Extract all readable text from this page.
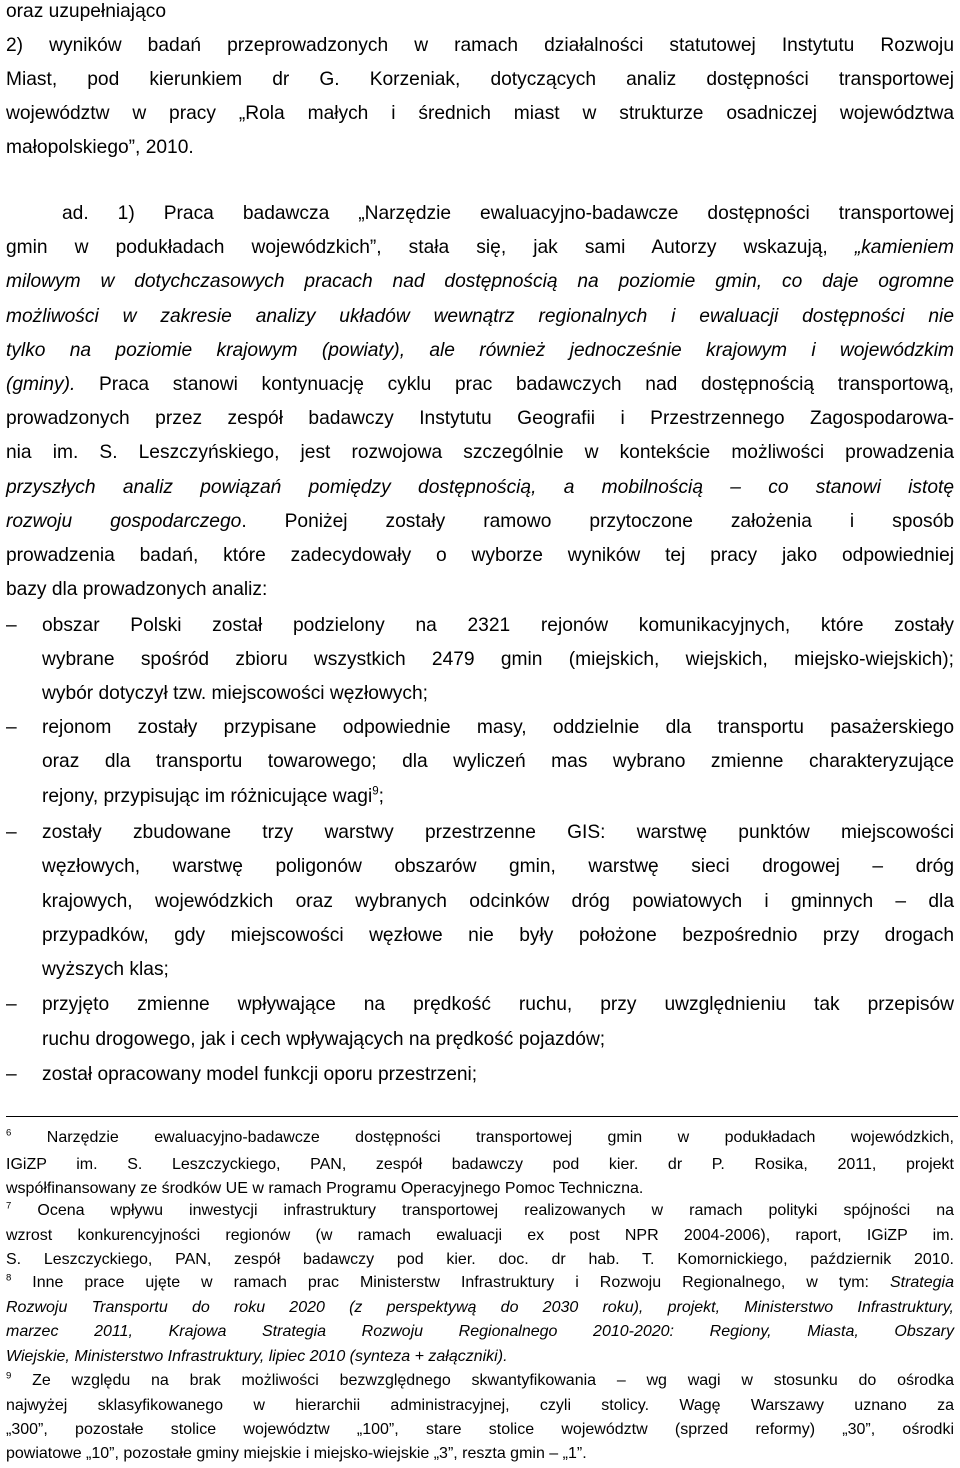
oraz uzupełniająco
2) wyników badań przeprowadzonych w ramach działalności statutowej Instytutu Rozwoju
Miast, pod kierunkiem dr G. Korzeniak, dotyczących analiz dostępności transportowej
województw w pracy „Rola małych i średnich miast w strukturze osadniczej województwa
małopolskiego”, 2010.
ad. 1) Praca badawcza „Narzędzie ewaluacyjno-badawcze dostępności transportowej
gmin w podukładach wojewódzkich”, stała się, jak sami Autorzy wskazują, „kamieniem
milowym w dotychczasowych pracach nad dostępnością na poziomie gmin, co daje ogromne
możliwości w zakresie analizy układów wewnątrz regionalnych i ewaluacji dostępności nie
tylko na poziomie krajowym (powiaty), ale również jednocześnie krajowym i wojewódzkim
(gminy). Praca stanowi kontynuację cyklu prac badawczych nad dostępnością transportową,
prowadzonych przez zespół badawczy Instytutu Geografii i Przestrzennego Zagospodarowa-
nia im. S. Leszczyńskiego, jest rozwojowa szczególnie w kontekście możliwości prowadzenia
przyszłych analiz powiązań pomiędzy dostępnością, a mobilnością – co stanowi istotę
rozwoju gospodarczego. Poniżej zostały ramowo przytoczone założenia i sposób
prowadzenia badań, które zadecydowały o wyborze wyników tej pracy jako odpowiedniej
bazy dla prowadzonych analiz:
– obszar Polski został podzielony na 2321 rejonów komunikacyjnych, które zostały
wybrane spośród zbioru wszystkich 2479 gmin (miejskich, wiejskich, miejsko-wiejskich);
wybór dotyczył tzw. miejscowości węzłowych;
– rejonom zostały przypisane odpowiednie masy, oddzielnie dla transportu pasażerskiego
oraz dla transportu towarowego; dla wyliczeń mas wybrano zmienne charakteryzujące
rejony, przypisując im różnicujące wagi$^9$;
– zostały zbudowane trzy warstwy przestrzenne GIS: warstwę punktów miejscowości
węzłowych, warstwę poligonów obszarów gmin, warstwę sieci drogowej – dróg
krajowych, wojewódzkich oraz wybranych odcinków dróg powiatowych i gminnych – dla
przypadków, gdy miejscowości węzłowe nie były położone bezpośrednio przy drogach
wyższych klas;
– przyjęto zmienne wpływające na prędkość ruchu, przy uwzględnieniu tak przepisów
ruchu drogowego, jak i cech wpływających na prędkość pojazdów;
– został opracowany model funkcji oporu przestrzeni;
$^6$ Narzędzie ewaluacyjno-badawcze dostępności transportowej gmin w podukładach wojewódzkich,
IGiZP im. S. Leszczyckiego, PAN, zespół badawczy pod kier. dr P. Rosika, 2011, projekt
współfinansowany ze środków UE w ramach Programu Operacyjnego Pomoc Techniczna.
$^7$ Ocena wpływu inwestycji infrastruktury transportowej realizowanych w ramach polityki spójności na
wzrost konkurencyjności regionów (w ramach ewaluacji ex post NPR 2004-2006), raport, IGiZP im.
S. Leszczyckiego, PAN, zespół badawczy pod kier. doc. dr hab. T. Komornickiego, październik 2010.
$^8$ Inne prace ujęte w ramach prac Ministerstw Infrastruktury i Rozwoju Regionalnego, w tym: Strategia
Rozwoju Transportu do roku 2020 (z perspektywą do 2030 roku), projekt, Ministerstwo Infrastruktury,
marzec 2011, Krajowa Strategia Rozwoju Regionalnego 2010-2020: Regiony, Miasta, Obszary
Wiejskie, Ministerstwo Infrastruktury, lipiec 2010 (synteza + załączniki).
$^9$ Ze względu na brak możliwości bezwzględnego skwantyfikowania – wg wagi w stosunku do ośrodka
najwyżej sklasyfikowanego w hierarchii administracyjnej, czyli stolicy. Wagę Warszawy uznano za
„300”, pozostałe stolice województw „100”, stare stolice województw (sprzed reformy) „30”, ośrodki
powiatowe „10”, pozostałe gminy miejskie i miejsko-wiejskie „3”, reszta gmin – „1”.
